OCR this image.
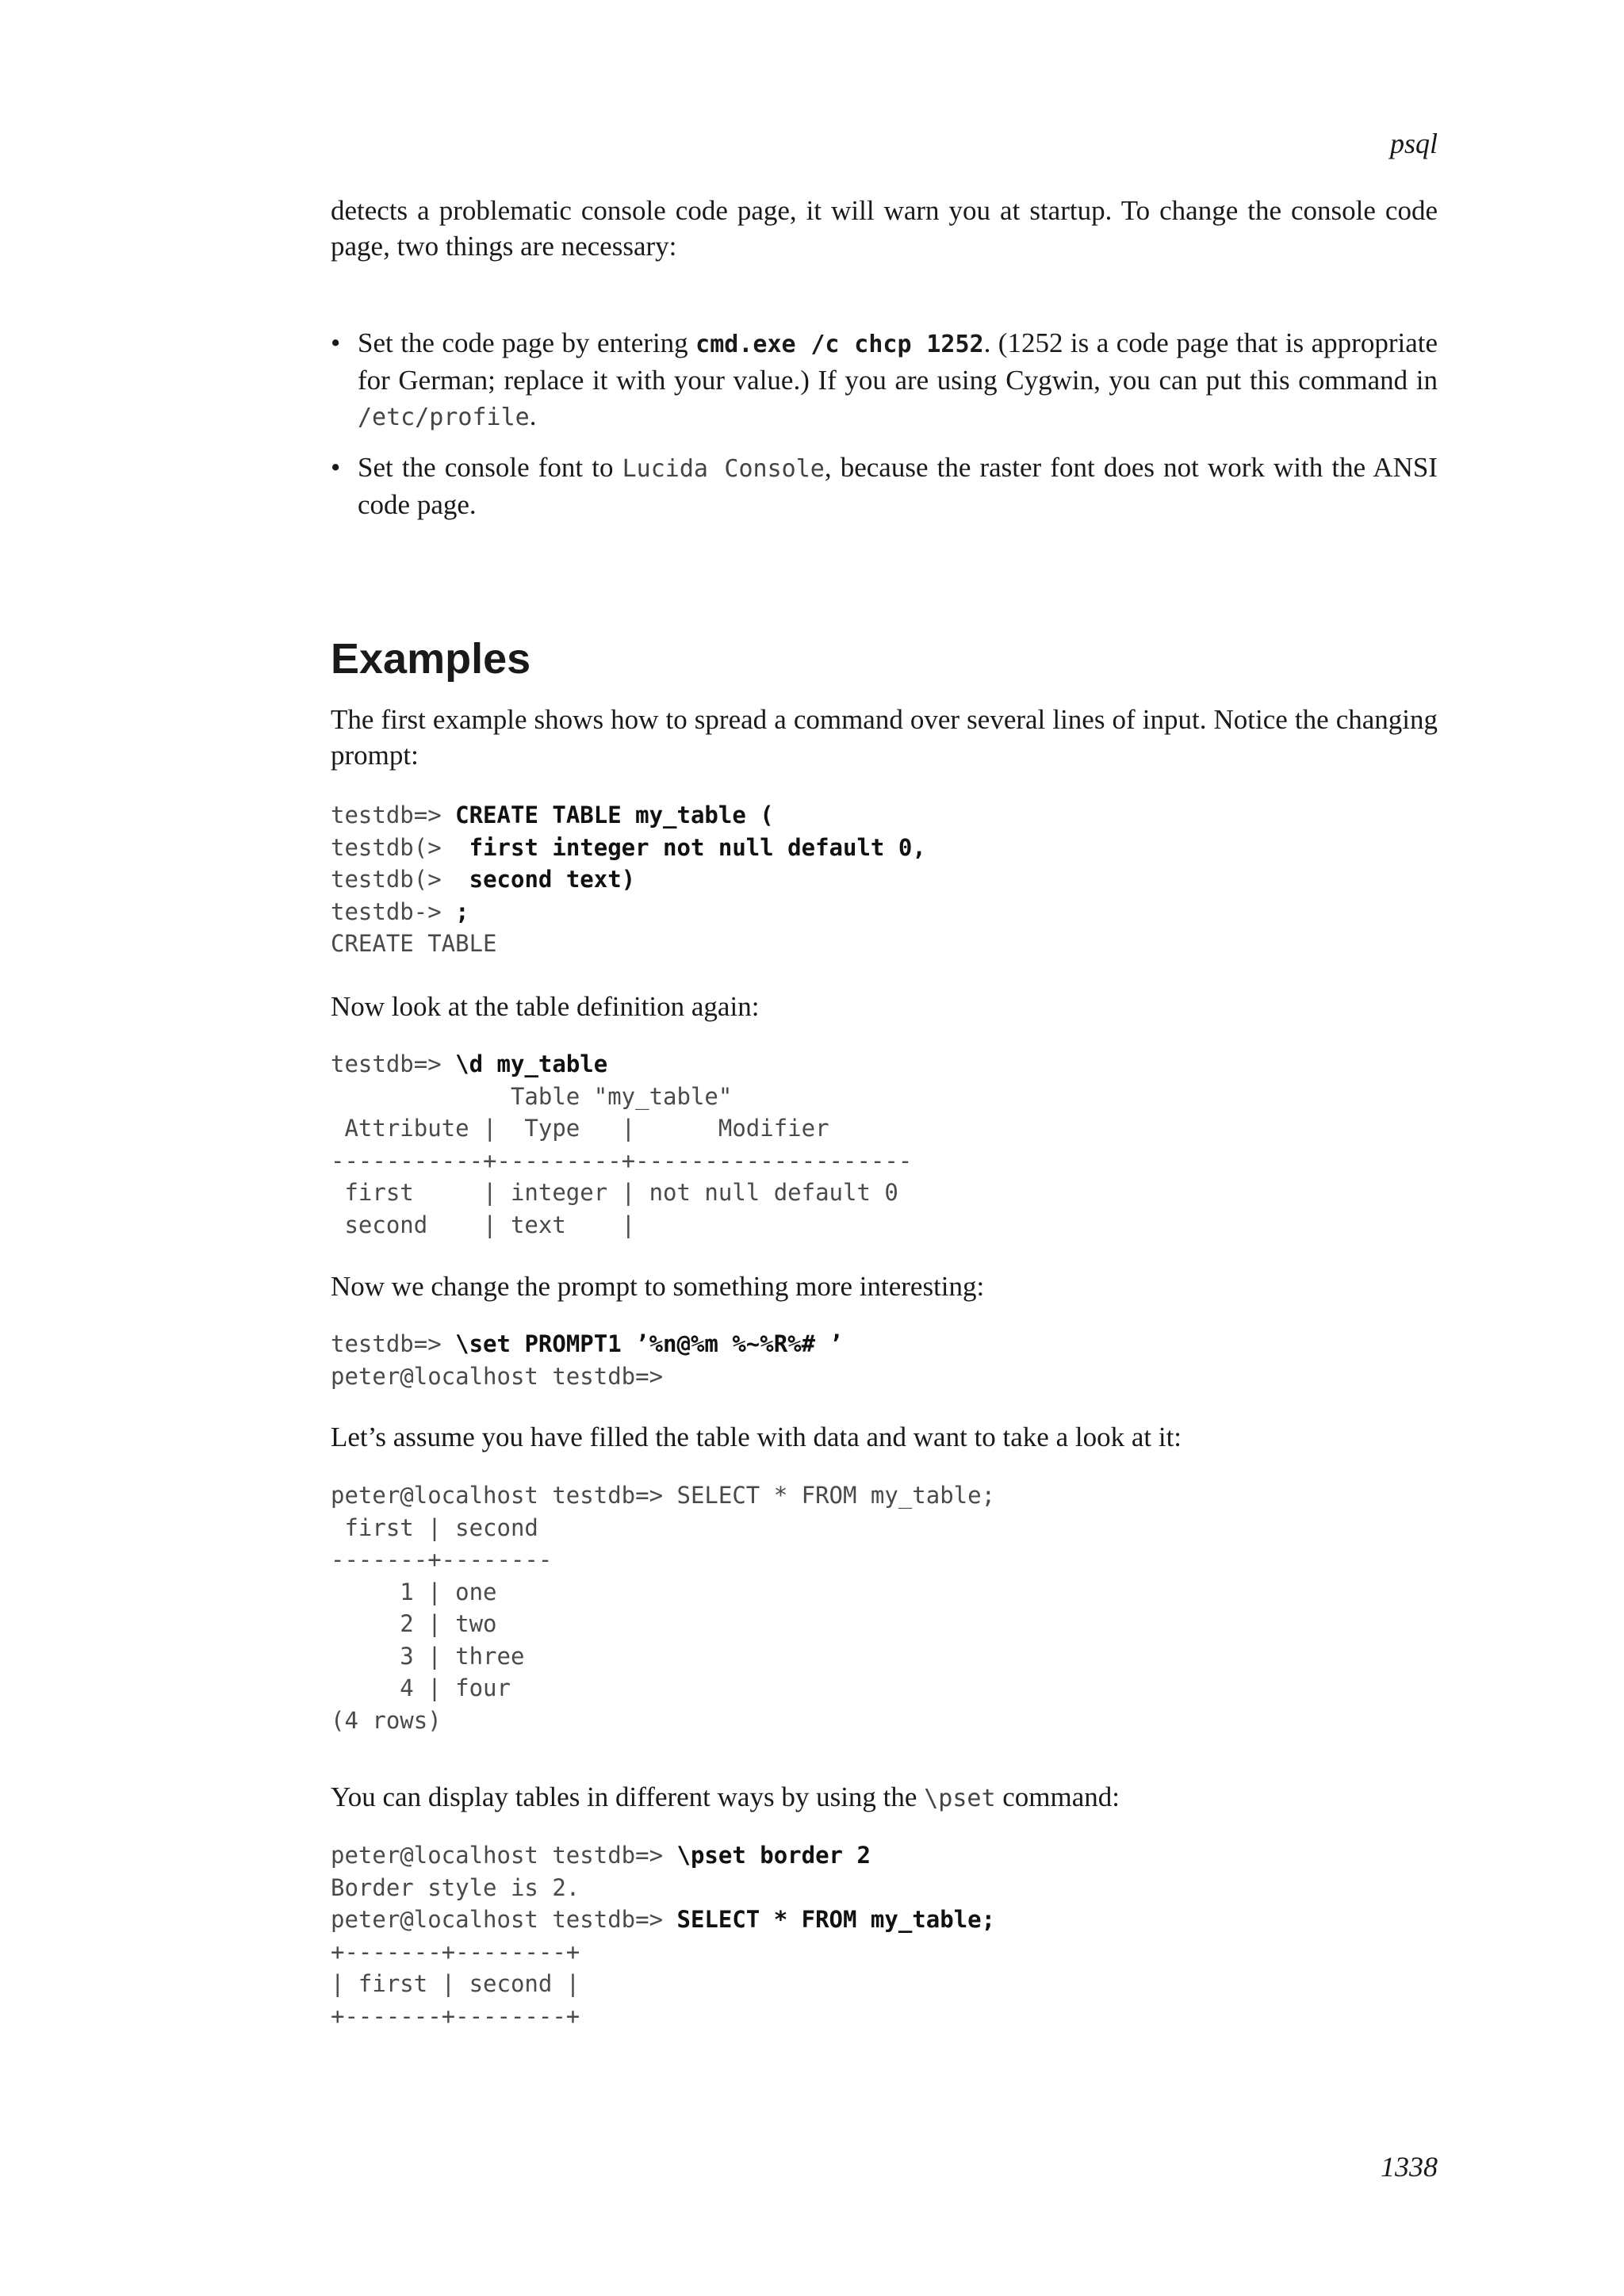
psql

detects a problematic console code page, it will warn you at startup. To change the console code page, two things are necessary:

• Set the code page by entering cmd.exe /c chcp 1252. (1252 is a code page that is appropriate for German; replace it with your value.) If you are using Cygwin, you can put this command in /etc/profile.
• Set the console font to Lucida Console, because the raster font does not work with the ANSI code page.
Examples

The first example shows how to spread a command over several lines of input. Notice the changing prompt:

testdb=> CREATE TABLE my_table (
testdb(>  first integer not null default 0,
testdb(>  second text)
testdb-> ;
CREATE TABLE

Now look at the table definition again:

testdb=> \d my_table
Table "my_table"
Attribute |  Type   |      Modifier
-----------+---------+--------------------
first     | integer | not null default 0
second    | text    |

Now we change the prompt to something more interesting:

testdb=> \set PROMPT1 ’%n@%m %~%R%# ’
peter@localhost testdb=>

Let’s assume you have filled the table with data and want to take a look at it:

peter@localhost testdb=> SELECT * FROM my_table;
first | second
-------+--------
1 | one
2 | two
3 | three
4 | four
(4 rows)

You can display tables in different ways by using the \pset command:

peter@localhost testdb=> \pset border 2
Border style is 2.
peter@localhost testdb=> SELECT * FROM my_table;
+-------+--------+
| first | second |
+-------+--------+
1338
